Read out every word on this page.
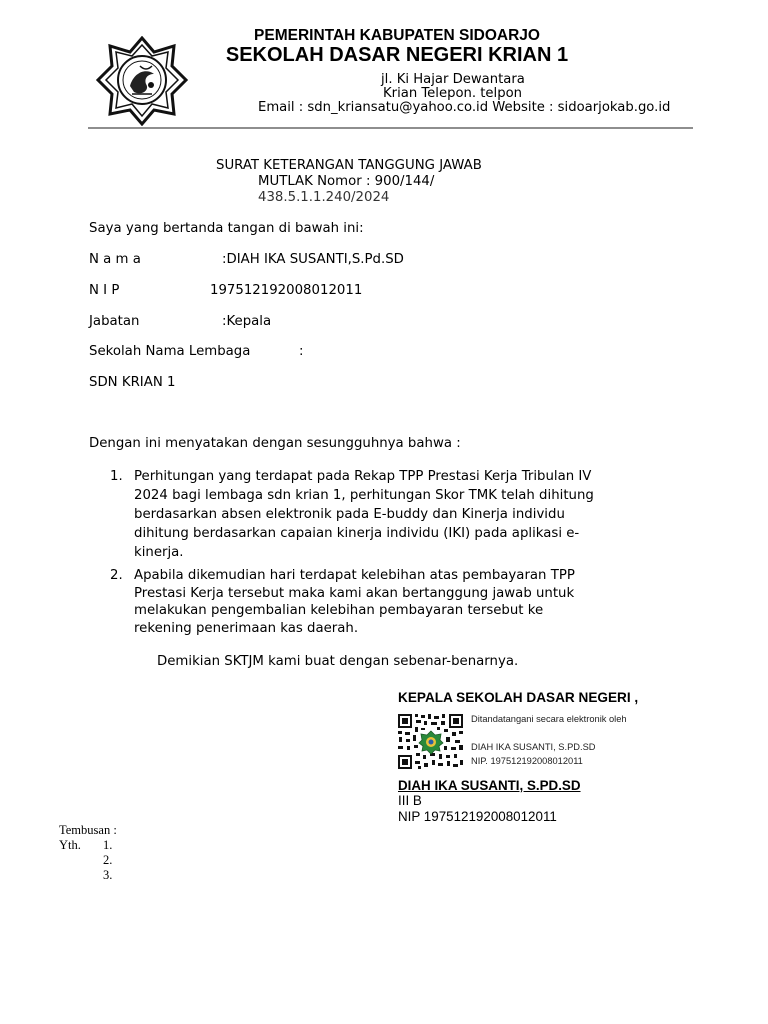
PEMERINTAH KABUPATEN SIDOARJO
SEKOLAH DASAR NEGERI KRIAN 1
jl. Ki Hajar Dewantara
Krian Telepon. telpon
Email : sdn_kriansatu@yahoo.co.id Website : sidoarjokab.go.id
SURAT KETERANGAN TANGGUNG JAWAB
MUTLAK Nomor : 900/144/
438.5.1.1.240/2024
Saya yang bertanda tangan di bawah ini:
N a m a	:DIAH IKA SUSANTI,S.Pd.SD
N I P	197512192008012011
Jabatan	:Kepala
Sekolah Nama Lembaga	:
SDN KRIAN 1
Dengan ini menyatakan dengan sesungguhnya bahwa :
1. Perhitungan yang terdapat pada Rekap TPP Prestasi Kerja Tribulan IV
2024 bagi lembaga sdn krian 1, perhitungan Skor TMK telah dihitung
berdasarkan absen elektronik pada E-buddy dan Kinerja individu
dihitung berdasarkan capaian kinerja individu (IKI) pada aplikasi e-
kinerja.
2. Apabila dikemudian hari terdapat kelebihan atas pembayaran TPP
Prestasi Kerja tersebut maka kami akan bertanggung jawab untuk
melakukan pengembalian kelebihan pembayaran tersebut ke
rekening penerimaan kas daerah.
Demikian SKTJM kami buat dengan sebenar-benarnya.
KEPALA SEKOLAH DASAR NEGERI ,
Ditandatangani secara elektronik oleh
DIAH IKA SUSANTI, S.PD.SD
NIP. 197512192008012011
DIAH IKA SUSANTI, S.PD.SD
III B
NIP 197512192008012011
Tembusan :
Yth. 1.
2.
3.
